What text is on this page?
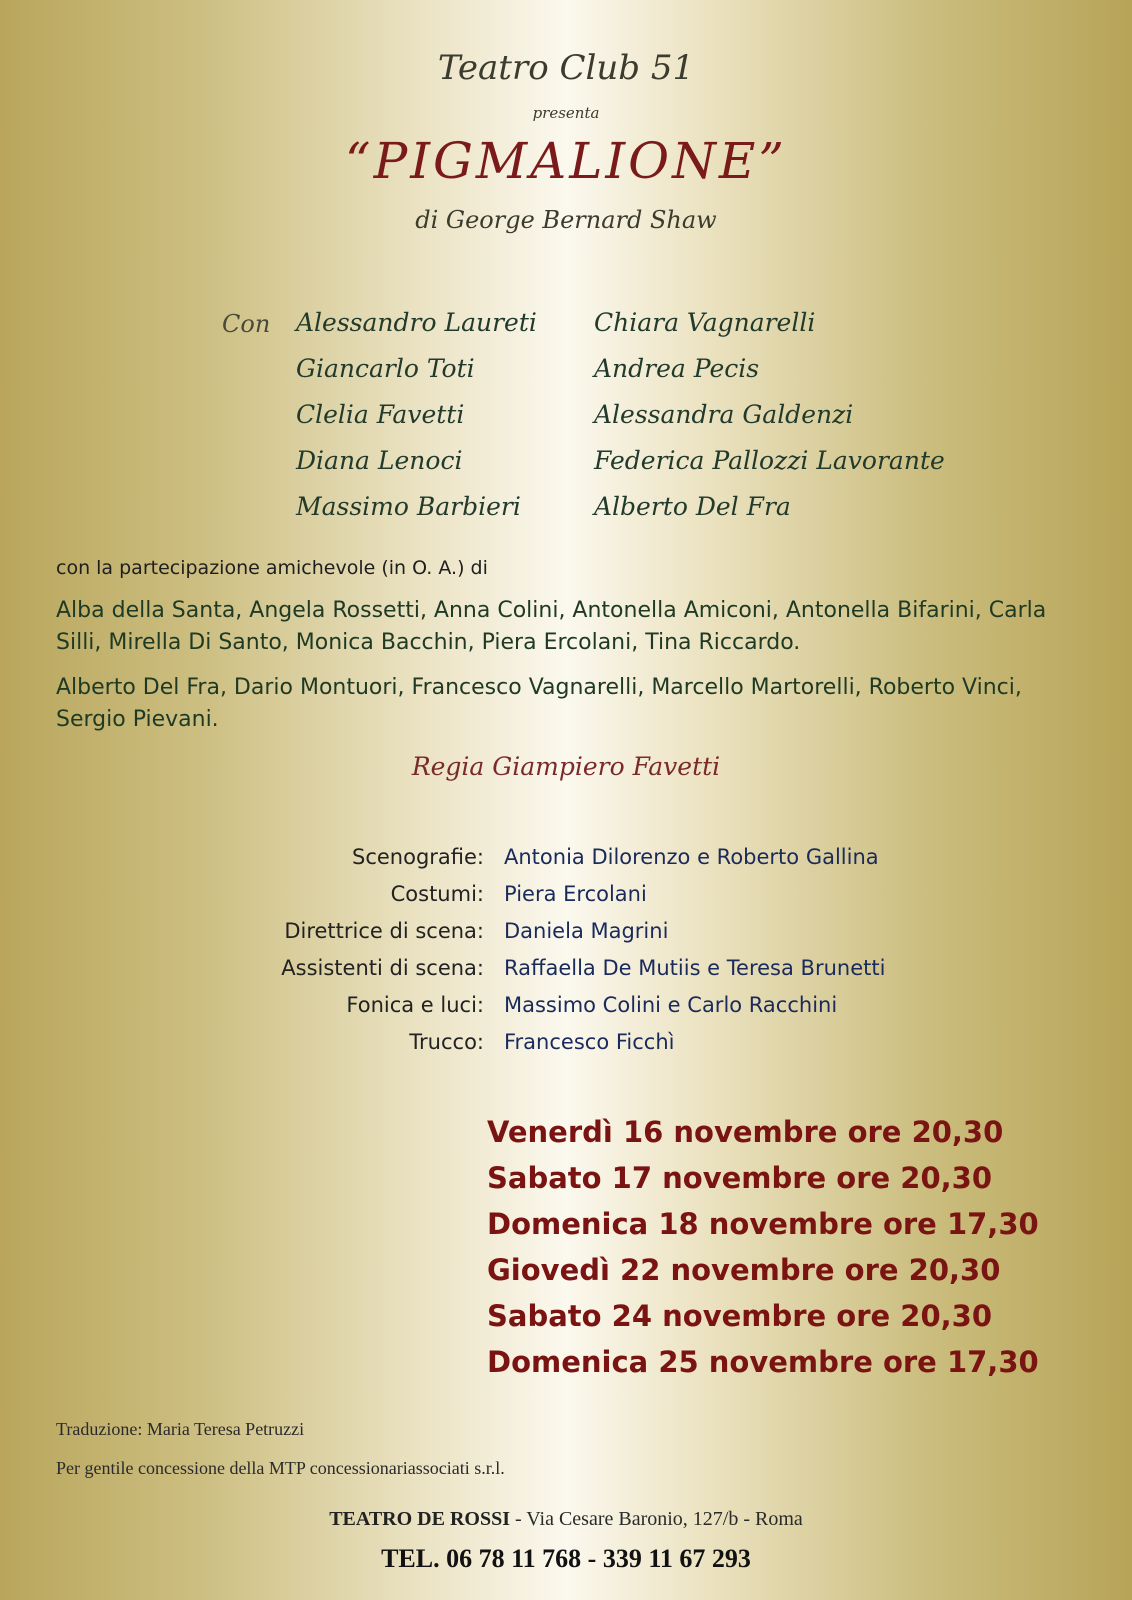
Teatro Club 51

presenta

“PIGMALIONE”

di George Bernard Shaw

Con Alessandro Laureti

Giancarlo Toti

Clelia Favetti

Diana Lenoci

Massimo Barbieri

Chiara Vagnarelli

Andrea Pecis

Alessandra Galdenzi

Federica Pallozzi Lavorante

Alberto Del Fra

con la partecipazione amichevole (in O. A.) di

Alba della Santa, Angela Rossetti, Anna Colini, Antonella Amiconi, Antonella Bifarini, Carla Silli, Mirella Di Santo, Monica Bacchin, Piera Ercolani, Tina Riccardo.

Alberto Del Fra, Dario Montuori, Francesco Vagnarelli, Marcello Martorelli, Roberto Vinci, Sergio Pievani.

Regia Giampiero Favetti

Scenografie: Antonia Dilorenzo e Roberto Gallina

Costumi: Piera Ercolani

Direttrice di scena: Daniela Magrini

Assistenti di scena: Raffaella De Mutiis e Teresa Brunetti

Fonica e luci: Massimo Colini e Carlo Racchini

Trucco: Francesco Ficchì

Venerdì 16 novembre ore 20,30

Sabato 17 novembre ore 20,30

Domenica 18 novembre ore 17,30

Giovedì 22 novembre ore 20,30

Sabato 24 novembre ore 20,30

Domenica 25 novembre ore 17,30

Traduzione: Maria Teresa Petruzzi

Per gentile concessione della MTP concessionariassociati s.r.l.

TEATRO DE ROSSI - Via Cesare Baronio, 127/b - Roma

TEL. 06 78 11 768 - 339 11 67 293
